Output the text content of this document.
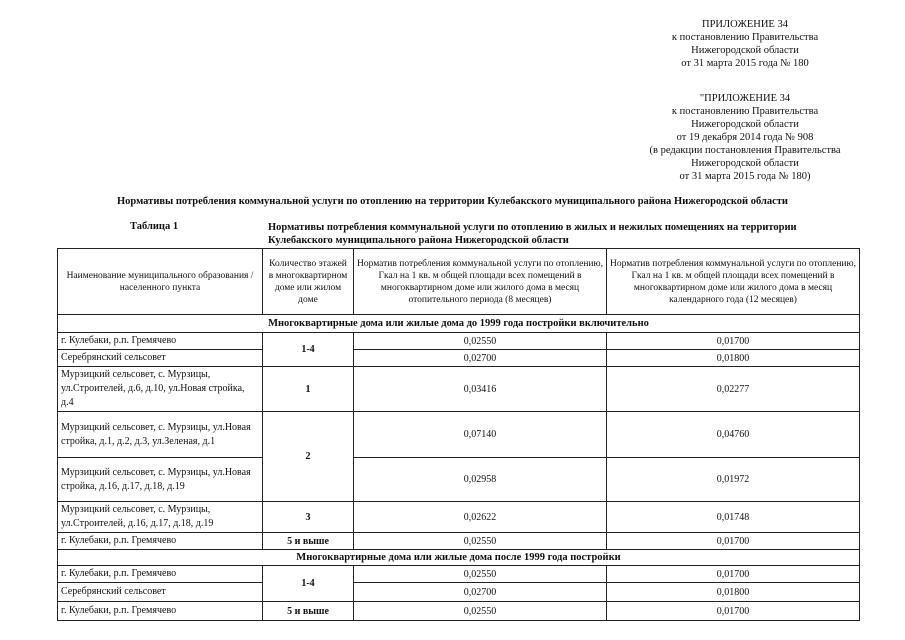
ПРИЛОЖЕНИЕ 34
к постановлению Правительства
Нижегородской области
от 31 марта 2015 года № 180
"ПРИЛОЖЕНИЕ 34
к постановлению Правительства
Нижегородской области
от 19 декабря 2014 года № 908
(в редакции постановления Правительства
Нижегородской области
от 31 марта 2015 года № 180)
Нормативы потребления коммунальной услуги по отоплению на территории Кулебакского муниципального района Нижегородской области
Таблица 1	Нормативы потребления коммунальной услуги по отоплению в жилых и нежилых помещениях на территории Кулебакского муниципального района Нижегородской области
Наименование муниципального образования / населенного пункта	Количество этажей в многоквартирном доме или жилом доме	Норматив потребления коммунальной услуги по отоплению, Гкал на 1 кв. м общей площади всех помещений в многоквартирном доме или жилого дома в месяц отопительного периода (8 месяцев)	Норматив потребления коммунальной услуги по отоплению, Гкал на 1 кв. м общей площади всех помещений в многоквартирном доме или жилого дома в месяц календарного года (12 месяцев)
Многоквартирные дома или жилые дома до 1999 года постройки включительно			
г. Кулебаки, р.п. Гремячево	1-4	0,02550	0,01700
Серебрянский сельсовет		0,02700	0,01800
Мурзицкий сельсовет, с. Мурзицы, ул.Строителей, д.6, д.10, ул.Новая стройка, д.4	1	0,03416	0,02277
Мурзицкий сельсовет, с. Мурзицы, ул.Новая стройка, д.1, д.2, д.3, ул.Зеленая, д.1	2	0,07140	0,04760
Мурзицкий сельсовет, с. Мурзицы, ул.Новая стройка, д.16, д.17, д.18, д.19		0,02958	0,01972
Мурзицкий сельсовет, с. Мурзицы, ул.Строителей, д.16, д.17, д.18, д.19	3	0,02622	0,01748
г. Кулебаки, р.п. Гремячево	5 и выше	0,02550	0,01700
Многоквартирные дома или жилые дома после 1999 года постройки			
г. Кулебаки, р.п. Гремячево	1-4	0,02550	0,01700
Серебрянский сельсовет		0,02700	0,01800
г. Кулебаки, р.п. Гремячево	5 и выше	0,02550	0,01700
